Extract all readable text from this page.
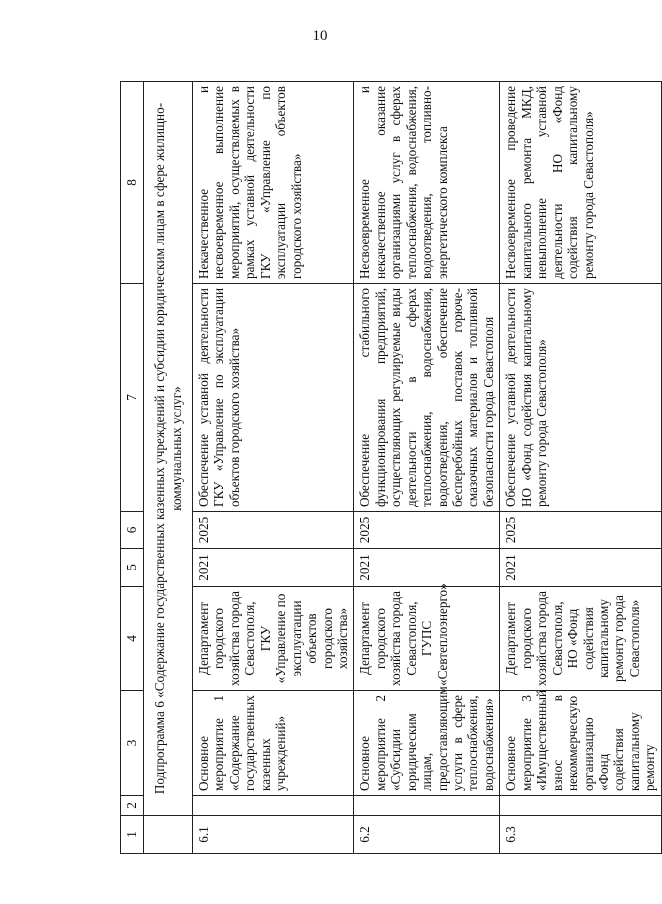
10
1	2	3	4	5	6	7	8
	Подпрограмма 6 «Содержание государственных казенных учреждений и субсидии юридическим лицам в сфере жилищно-коммунальных услуг»						
6.1		Основное мероприятие 1 «Содержание государственных казенных учреждений»	Департамент городского хозяйства города Севастополя, ГКУ «Управление по эксплуатации объектов городского хозяйства»	2021	2025	Обеспечение уставной деятельности ГКУ «Управление по эксплуатации объектов городского хозяйства»	Некачественное и несвоевременное выполнение мероприятий, осуществляемых в рамках уставной деятельности ГКУ «Управление по эксплуатации объектов городского хозяйства»
6.2		Основное мероприятие 2 «Субсидии юридическим лицам, предоставляющим услуги в сфере теплоснабжения, водоснабжения»	Департамент городского хозяйства города Севастополя, ГУПС «Севтеплоэнерго»	2021	2025	Обеспечение стабильного функционирования предприятий, осуществляющих регулируемые виды деятельности в сферах теплоснабжения, водоснабжения, водоотведения, обеспечение бесперебойных поставок горюче-смазочных материалов и топливной безопасности города Севастополя	Несвоевременное и некачественное оказание организациями услуг в сферах теплоснабжения, водоснабжения, водоотведения, топливно-энергетического комплекса
6.3		Основное мероприятие 3 «Имущественный взнос в некоммерческую организацию «Фонд содействия капитальному ремонту	Департамент городского хозяйства города Севастополя, НО «Фонд содействия капитальному ремонту города Севастополя»	2021	2025	Обеспечение уставной деятельности НО «Фонд содействия капитальному ремонту города Севастополя»	Несвоевременное проведение капитального ремонта МКД, невыполнение уставной деятельности НО «Фонд содействия капитальному ремонту города Севастополя»
